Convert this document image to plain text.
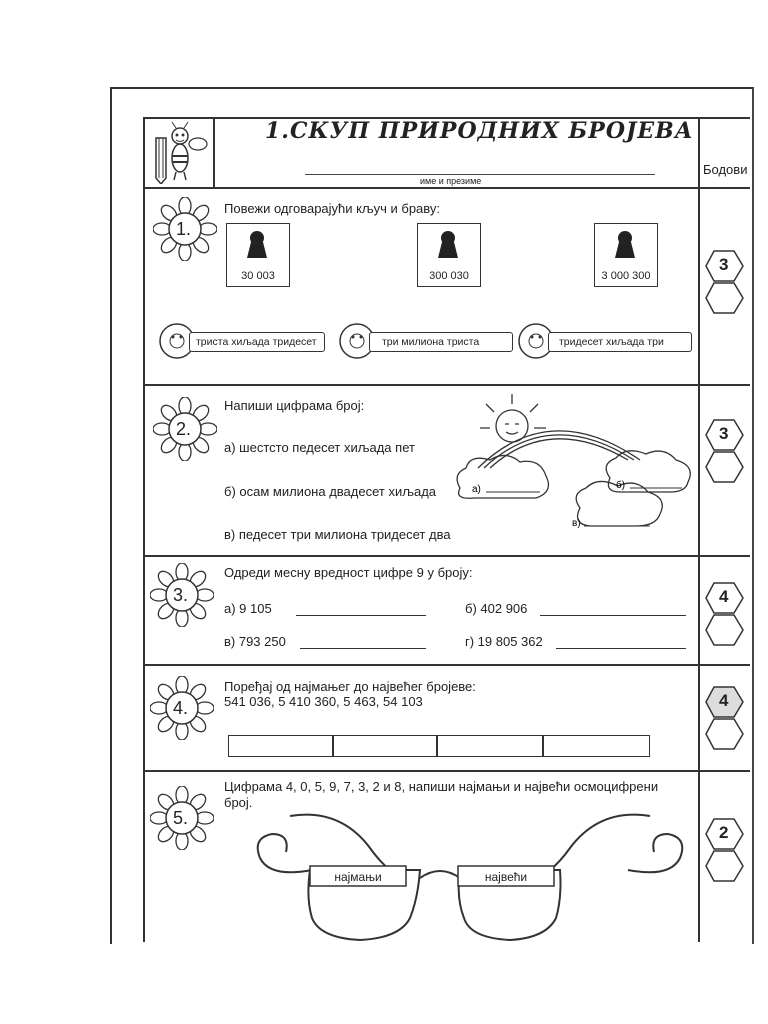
1.СКУП ПРИРОДНИХ БРОЈЕВА
име и презиме
Бодови
1.
Повежи одговарајући кључ и браву:
30 003	300 030	3 000 300
триста хиљада тридесет	три милиона триста	тридесет хиљада три
3
2.
Напиши цифрама број:
а) шестсто педесет хиљада пет
б) осам милиона двадесет хиљада
в) педесет три милиона тридесет два
а)	б)
в)
3
3.
Одреди месну вредност цифре 9 у броју:
а) 9 105	б) 402 906
в) 793 250	г) 19 805 362
4
4.
Поређај од најмањег до највећег бројеве:
541 036, 5 410 360, 5 463, 54 103	4
5.
Цифрама 4, 0, 5, 9, 7, 3, 2 и 8, напиши најмањи и највећи осмоцифрени
број.
најмањи	највећи
2
